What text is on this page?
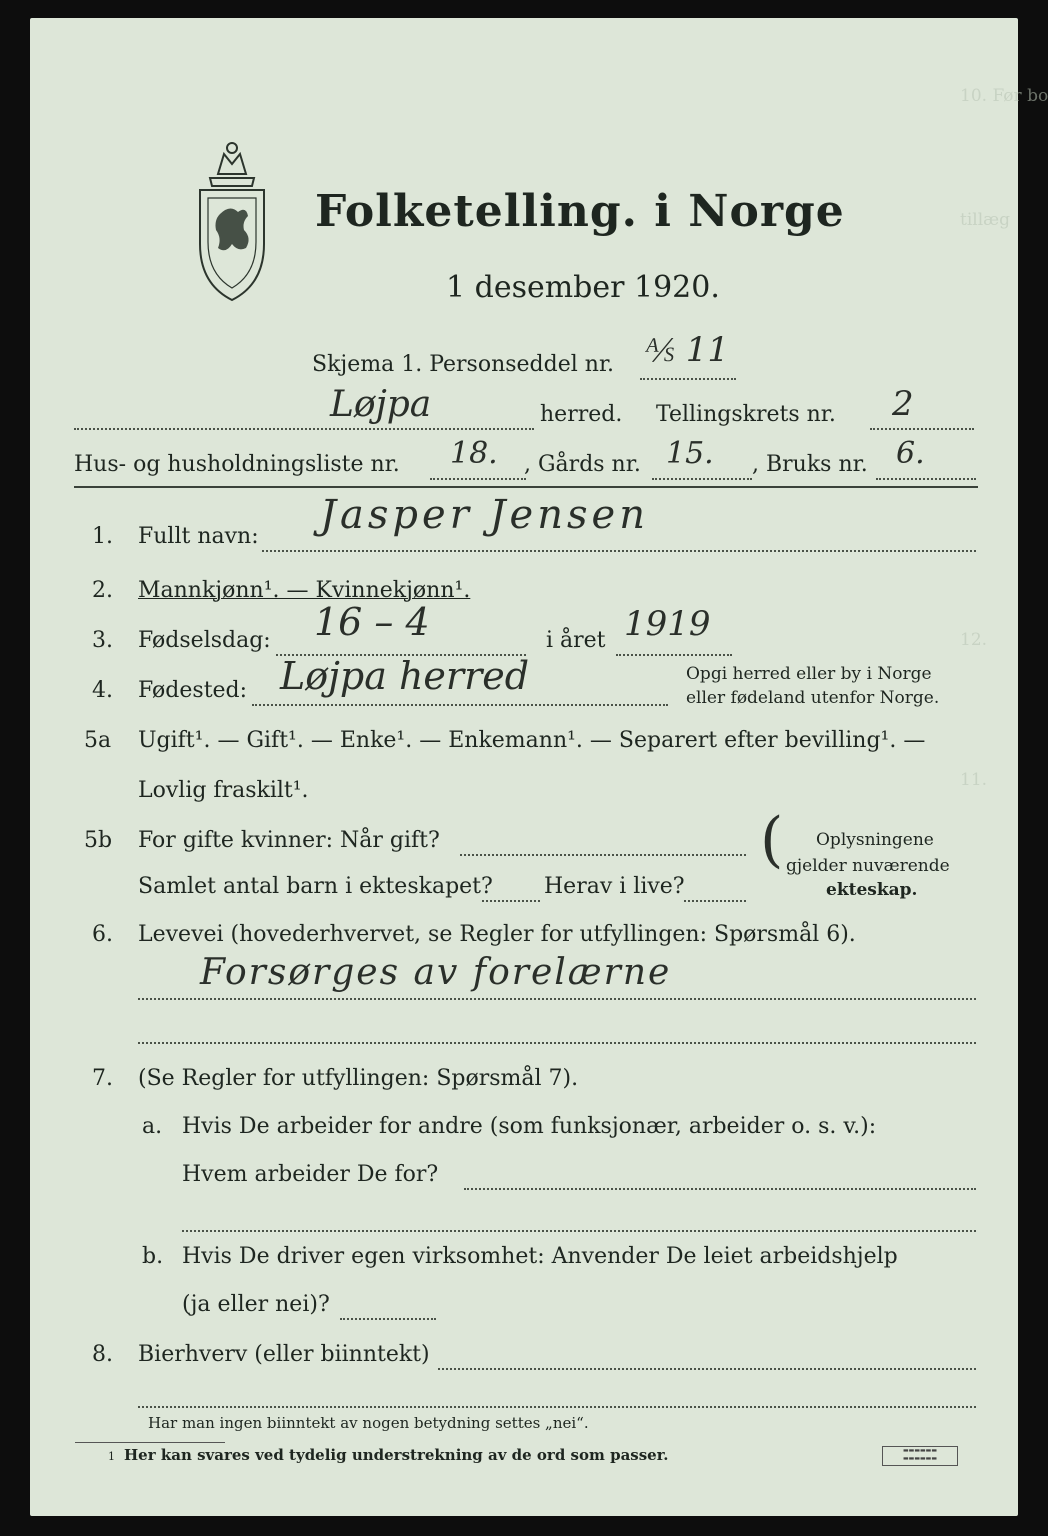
10. Før bo
tillæg
12.
11.
Folketelling. i Norge
1 desember 1920.
Skjema 1. Personseddel nr. ⅍ 11
Løjpa	herred. Tellingskrets nr. 2
Hus- og husholdningsliste nr. 18. , Gårds nr. 15. , Bruks nr. 6.
1. Fullt navn: Jasper Jensen
2. Mannkjønn¹. — Kvinnekjønn¹.
3. Fødselsdag: 16 – 4	i året 1919
4. Fødested: Løjpa herred	Opgi herred eller by i Norge
eller fødeland utenfor Norge.
5a Ugift¹. — Gift¹. — Enke¹. — Enkemann¹. — Separert efter bevilling¹. —
Lovlig fraskilt¹.
5b For gifte kvinner: Når gift?
Samlet antal barn i ekteskapet? Herav i live?
( Oplysningene
gjelder nuværende
ekteskap.
6. Levevei (hovederhvervet, se Regler for utfyllingen: Spørsmål 6).
Forsørges av forelærne
7. (Se Regler for utfyllingen: Spørsmål 7).
a. Hvis De arbeider for andre (som funksjonær, arbeider o. s. v.):
Hvem arbeider De for?
b. Hvis De driver egen virksomhet: Anvender De leiet arbeidshjelp
(ja eller nei)?
8. Bierhverv (eller biinntekt)
Har man ingen biinntekt av nogen betydning settes „nei“.
1 Her kan svares ved tydelig understrekning av de ord som passer.	▬▬▬▬▬▬
▬▬▬▬▬▬
